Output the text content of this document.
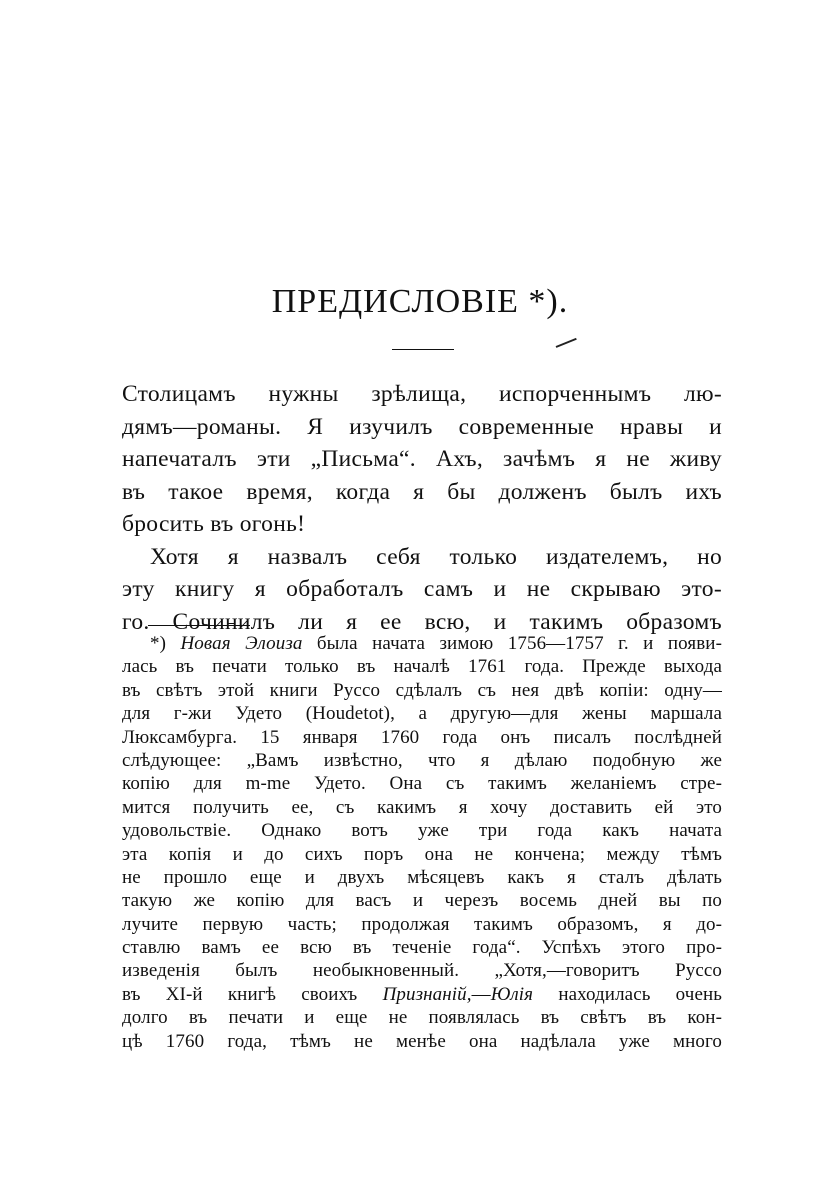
ПРЕДИСЛОВІЕ *).
Столицамъ нужны зрѣлища, испорченнымъ лю-
дямъ—романы. Я изучилъ современные нравы и
напечаталъ эти „Письма“. Ахъ, зачѣмъ я не живу
въ такое время, когда я бы долженъ былъ ихъ
бросить въ огонь!
Хотя я назвалъ себя только издателемъ, но
эту книгу я обработалъ самъ и не скрываю это-
го. Сочинилъ ли я ее всю, и такимъ образомъ
*) Новая Элоиза была начата зимою 1756—1757 г. и появи-
лась въ печати только въ началѣ 1761 года. Прежде выхода
въ свѣтъ этой книги Руссо сдѣлалъ съ нея двѣ копіи: одну—
для г-жи Удето (Houdetot), а другую—для жены маршала
Люксамбурга. 15 января 1760 года онъ писалъ послѣдней
слѣдующее: „Вамъ извѣстно, что я дѣлаю подобную же
копію для m-me Удето. Она съ такимъ желаніемъ стре-
мится получить ее, съ какимъ я хочу доставить ей это
удовольствіе. Однако вотъ уже три года какъ начата
эта копія и до сихъ поръ она не кончена; между тѣмъ
не прошло еще и двухъ мѣсяцевъ какъ я сталъ дѣлать
такую же копію для васъ и черезъ восемь дней вы по
лучите первую часть; продолжая такимъ образомъ, я до-
ставлю вамъ ее всю въ теченіе года“. Успѣхъ этого про-
изведенія былъ необыкновенный. „Хотя,—говоритъ Руссо
въ XI-й книгѣ своихъ Признаній,—Юлія находилась очень
долго въ печати и еще не появлялась въ свѣтъ въ кон-
цѣ 1760 года, тѣмъ не менѣе она надѣлала уже много
